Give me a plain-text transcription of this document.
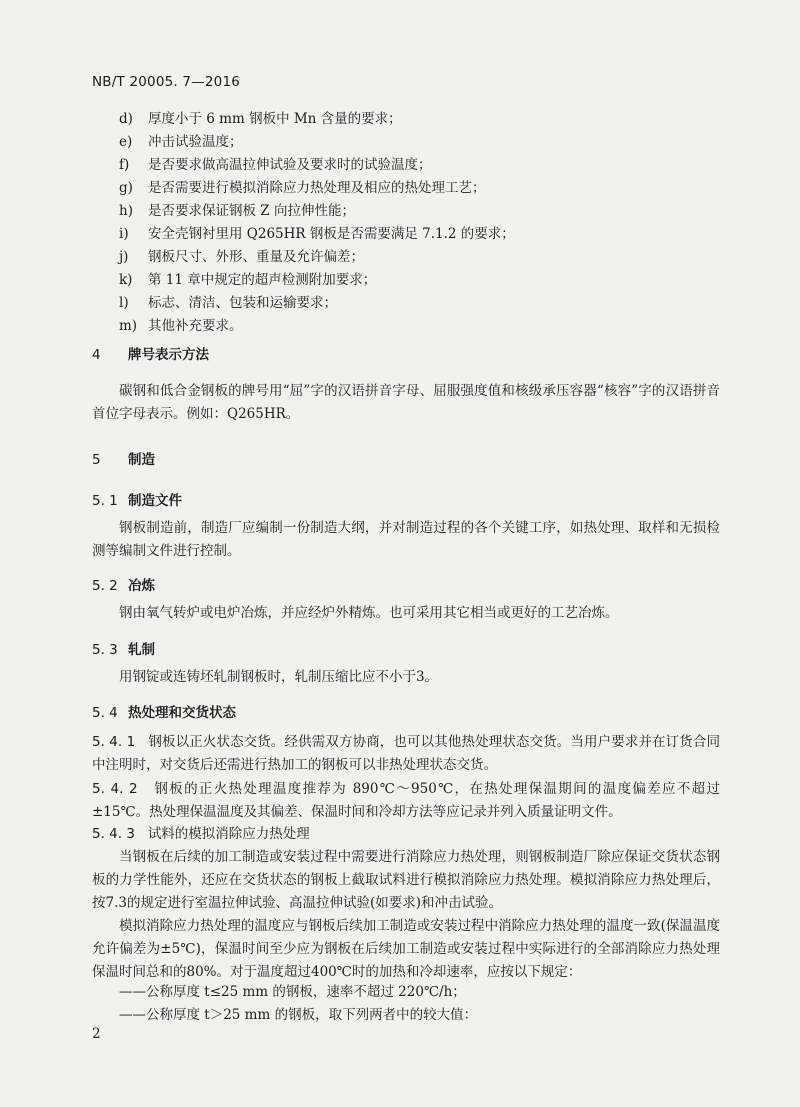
NB/T 20005. 7—2016
d) 厚度小于 6 mm 钢板中 Mn 含量的要求；
e) 冲击试验温度；
f) 是否要求做高温拉伸试验及要求时的试验温度；
g) 是否需要进行模拟消除应力热处理及相应的热处理工艺；
h) 是否要求保证钢板 Z 向拉伸性能；
i) 安全壳钢衬里用 Q265HR 钢板是否需要满足 7.1.2 的要求；
j) 钢板尺寸、外形、重量及允许偏差；
k) 第 11 章中规定的超声检测附加要求；
l) 标志、清洁、包装和运输要求；
m) 其他补充要求。
4 牌号表示方法
碳钢和低合金钢板的牌号用“屈”字的汉语拼音字母、屈服强度值和核级承压容器“核容”字的汉语拼音首位字母表示。例如：Q265HR。
5 制造
5. 1 制造文件
钢板制造前，制造厂应编制一份制造大纲，并对制造过程的各个关键工序，如热处理、取样和无损检测等编制文件进行控制。
5. 2 冶炼
钢由氧气转炉或电炉冶炼，并应经炉外精炼。也可采用其它相当或更好的工艺冶炼。
5. 3 轧制
用钢锭或连铸坯轧制钢板时，轧制压缩比应不小于3。
5. 4 热处理和交货状态
5. 4. 1 钢板以正火状态交货。经供需双方协商，也可以其他热处理状态交货。当用户要求并在订货合同中注明时，对交货后还需进行热加工的钢板可以非热处理状态交货。
5. 4. 2 钢板的正火热处理温度推荐为 890℃～950℃，在热处理保温期间的温度偏差应不超过±15℃。热处理保温温度及其偏差、保温时间和冷却方法等应记录并列入质量证明文件。
5. 4. 3 试料的模拟消除应力热处理
当钢板在后续的加工制造或安装过程中需要进行消除应力热处理，则钢板制造厂除应保证交货状态钢板的力学性能外，还应在交货状态的钢板上截取试料进行模拟消除应力热处理。模拟消除应力热处理后，按7.3的规定进行室温拉伸试验、高温拉伸试验(如要求)和冲击试验。
模拟消除应力热处理的温度应与钢板后续加工制造或安装过程中消除应力热处理的温度一致(保温温度允许偏差为±5℃)，保温时间至少应为钢板在后续加工制造或安装过程中实际进行的全部消除应力热处理保温时间总和的80%。对于温度超过400℃时的加热和冷却速率，应按以下规定：
——公称厚度 t≤25 mm 的钢板，速率不超过 220℃/h；
——公称厚度 t＞25 mm 的钢板，取下列两者中的较大值：
2
